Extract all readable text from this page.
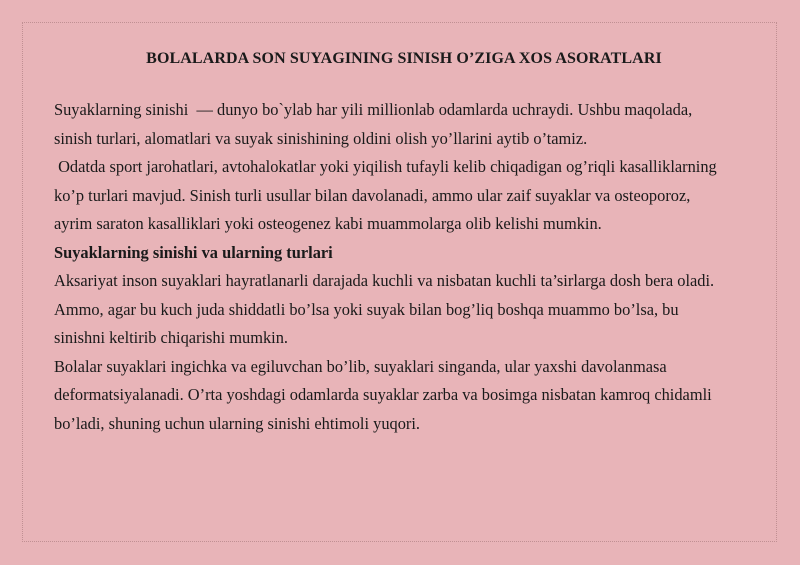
BOLALARDA SON SUYAGINING SINISH O’ZIGA XOS ASORATLARI

Suyaklarning sinishi  — dunyo bo`ylab har yili millionlab odamlarda uchraydi. Ushbu maqolada,
sinish turlari, alomatlari va suyak sinishining oldini olish yo’llarini aytib o’tamiz.

Odatda sport jarohatlari, avtohalokatlar yoki yiqilish tufayli kelib chiqadigan og’riqli kasalliklarning
ko’p turlari mavjud. Sinish turli usullar bilan davolanadi, ammo ular zaif suyaklar va osteoporoz,
ayrim saraton kasalliklari yoki osteogenez kabi muammolarga olib kelishi mumkin.

Suyaklarning sinishi va ularning turlari

Aksariyat inson suyaklari hayratlanarli darajada kuchli va nisbatan kuchli ta’sirlarga dosh bera oladi.
Ammo, agar bu kuch juda shiddatli bo’lsa yoki suyak bilan bog’liq boshqa muammo bo’lsa, bu
sinishni keltirib chiqarishi mumkin.

Bolalar suyaklari ingichka va egiluvchan bo’lib, suyaklari singanda, ular yaxshi davolanmasa
deformatsiyalanadi. O’rta yoshdagi odamlarda suyaklar zarba va bosimga nisbatan kamroq chidamli
bo’ladi, shuning uchun ularning sinishi ehtimoli yuqori.
